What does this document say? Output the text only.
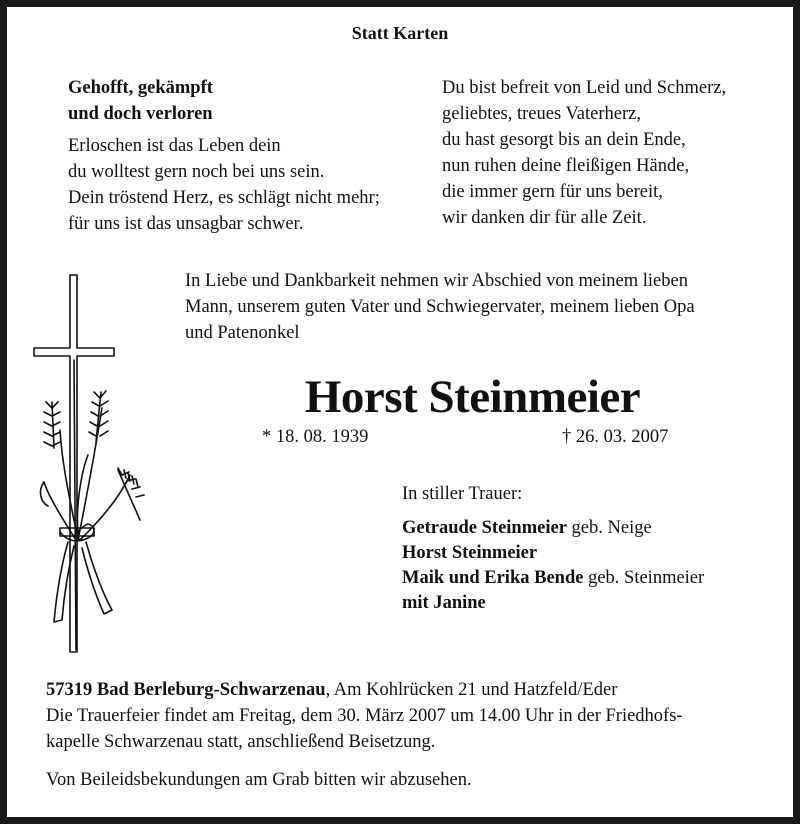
Statt Karten
Gehofft, gekämpft
und doch verloren
Erloschen ist das Leben dein
du wolltest gern noch bei uns sein.
Dein tröstend Herz, es schlägt nicht mehr;
für uns ist das unsagbar schwer.
Du bist befreit von Leid und Schmerz,
geliebtes, treues Vaterherz,
du hast gesorgt bis an dein Ende,
nun ruhen deine fleißigen Hände,
die immer gern für uns bereit,
wir danken dir für alle Zeit.
In Liebe und Dankbarkeit nehmen wir Abschied von meinem lieben
Mann, unserem guten Vater und Schwiegervater, meinem lieben Opa
und Patenonkel
Horst Steinmeier
* 18. 08. 1939	† 26. 03. 2007
In stiller Trauer:
Getraude Steinmeier geb. Neige
Horst Steinmeier
Maik und Erika Bende geb. Steinmeier
mit Janine
57319 Bad Berleburg-Schwarzenau, Am Kohlrücken 21 und Hatzfeld/Eder
Die Trauerfeier findet am Freitag, dem 30. März 2007 um 14.00 Uhr in der Friedhofs-
kapelle Schwarzenau statt, anschließend Beisetzung.
Von Beileidsbekundungen am Grab bitten wir abzusehen.
